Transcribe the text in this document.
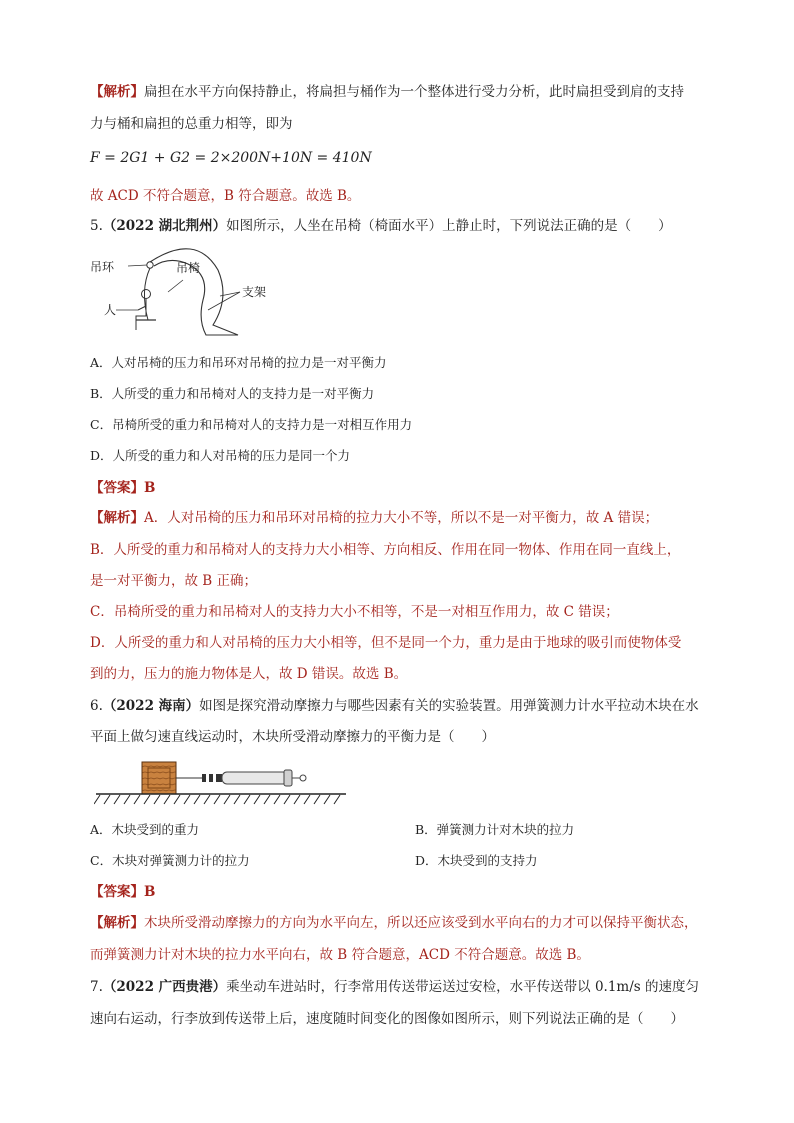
【解析】扁担在水平方向保持静止，将扁担与桶作为一个整体进行受力分析，此时扁担受到肩的支持
力与桶和扁担的总重力相等，即为
F = 2G1 + G2 = 2×200N+10N = 410N
故 ACD 不符合题意，B 符合题意。故选 B。
5.（2022 湖北荆州）如图所示，人坐在吊椅（椅面水平）上静止时，下列说法正确的是（　　）
吊环	吊椅
人
支架
A．人对吊椅的压力和吊环对吊椅的拉力是一对平衡力
B．人所受的重力和吊椅对人的支持力是一对平衡力
C．吊椅所受的重力和吊椅对人的支持力是一对相互作用力
D．人所受的重力和人对吊椅的压力是同一个力
【答案】B
【解析】A．人对吊椅的压力和吊环对吊椅的拉力大小不等，所以不是一对平衡力，故 A 错误；
B．人所受的重力和吊椅对人的支持力大小相等、方向相反、作用在同一物体、作用在同一直线上，
是一对平衡力，故 B 正确；
C．吊椅所受的重力和吊椅对人的支持力大小不相等，不是一对相互作用力，故 C 错误；
D．人所受的重力和人对吊椅的压力大小相等，但不是同一个力，重力是由于地球的吸引而使物体受
到的力，压力的施力物体是人，故 D 错误。故选 B。
6.（2022 海南）如图是探究滑动摩擦力与哪些因素有关的实验装置。用弹簧测力计水平拉动木块在水
平面上做匀速直线运动时，木块所受滑动摩擦力的平衡力是（　　）
A．木块受到的重力	B．弹簧测力计对木块的拉力
C．木块对弹簧测力计的拉力	D．木块受到的支持力
【答案】B
【解析】木块所受滑动摩擦力的方向为水平向左，所以还应该受到水平向右的力才可以保持平衡状态，
而弹簧测力计对木块的拉力水平向右，故 B 符合题意，ACD 不符合题意。故选 B。
7.（2022 广西贵港）乘坐动车进站时，行李常用传送带运送过安检，水平传送带以 0.1m/s 的速度匀
速向右运动，行李放到传送带上后，速度随时间变化的图像如图所示，则下列说法正确的是（　　）
